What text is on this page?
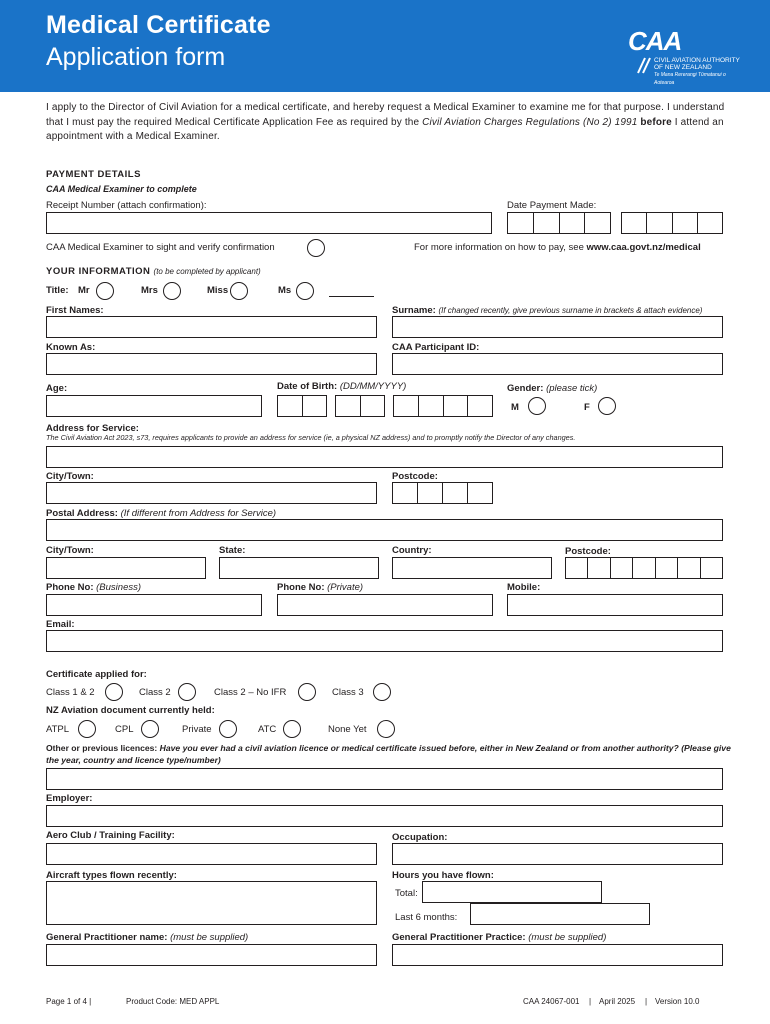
Medical Certificate
Application form
CAA
CIVIL AVIATION AUTHORITY
OF NEW ZEALAND
Te Mana Rererangi Tūmatanui o Aotearoa
I apply to the Director of Civil Aviation for a medical certificate, and hereby request a Medical Examiner to examine me for that purpose. I understand that I must pay the required Medical Certificate Application Fee as required by the Civil Aviation Charges Regulations (No 2) 1991 before I attend an appointment with a Medical Examiner.
PAYMENT DETAILS
CAA Medical Examiner to complete
Receipt Number (attach confirmation):	Date Payment Made:
CAA Medical Examiner to sight and verify confirmation	For more information on how to pay, see www.caa.govt.nz/medical
YOUR INFORMATION (to be completed by applicant)
Title: Mr	Mrs	Miss	Ms
First Names:	Surname: (If changed recently, give previous surname in brackets & attach evidence)
Known As:	CAA Participant ID:
Age:	Date of Birth: (DD/MM/YYYY)	Gender: (please tick)
M	F
Address for Service:
The Civil Aviation Act 2023, s73, requires applicants to provide an address for service (ie, a physical NZ address) and to promptly notify the Director of any changes.
City/Town:	Postcode:
Postal Address: (If different from Address for Service)
City/Town:	State:	Country:	Postcode:
Phone No: (Business)	Phone No: (Private)	Mobile:
Email:
Certificate applied for:
Class 1 & 2	Class 2	Class 2 – No IFR	Class 3
NZ Aviation document currently held:
ATPL	CPL	Private	ATC	None Yet
Other or previous licences: Have you ever had a civil aviation licence or medical certificate issued before, either in New Zealand or from another authority? (Please give the year, country and licence type/number)
Employer:
Aero Club / Training Facility:	Occupation:
Aircraft types flown recently:	Hours you have flown:
Total:
Last 6 months:
General Practitioner name: (must be supplied)	General Practitioner Practice: (must be supplied)
Page 1 of 4 |	Product Code: MED APPL	CAA 24067-001 | April 2025 | Version 10.0
